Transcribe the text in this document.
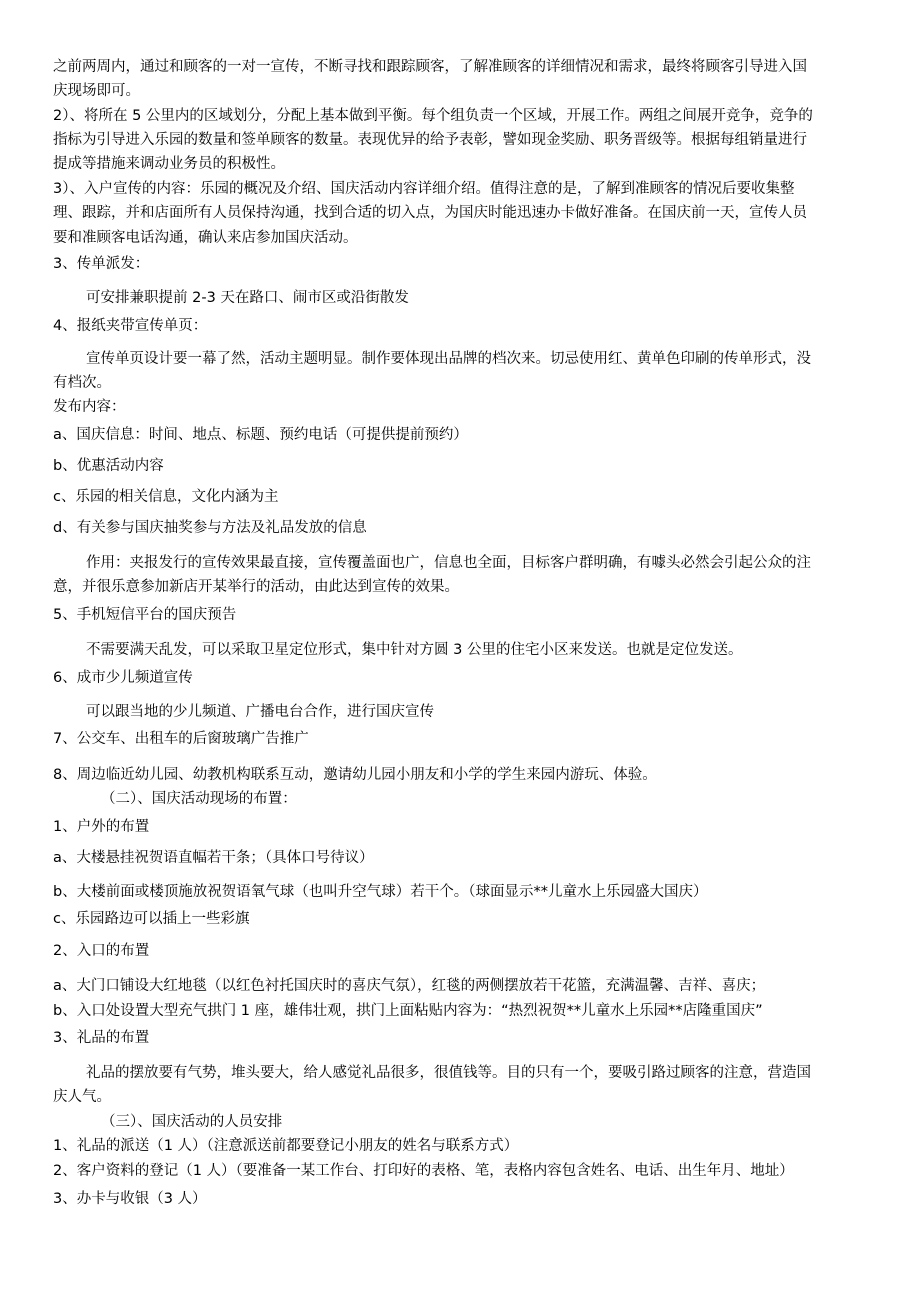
之前两周内，通过和顾客的一对一宣传，不断寻找和跟踪顾客，了解准顾客的详细情况和需求，最终将顾客引导进入国
庆现场即可。
2）、将所在 5 公里内的区域划分，分配上基本做到平衡。每个组负责一个区域，开展工作。两组之间展开竞争，竞争的
指标为引导进入乐园的数量和签单顾客的数量。表现优异的给予表彰，譬如现金奖励、职务晋级等。根据每组销量进行
提成等措施来调动业务员的积极性。
3）、入户宣传的内容：乐园的概况及介绍、国庆活动内容详细介绍。值得注意的是，了解到准顾客的情况后要收集整
理、跟踪，并和店面所有人员保持沟通，找到合适的切入点，为国庆时能迅速办卡做好准备。在国庆前一天，宣传人员
要和准顾客电话沟通，确认来店参加国庆活动。
3、传单派发：
可安排兼职提前 2-3 天在路口、闹市区或沿街散发
4、报纸夹带宣传单页：
宣传单页设计要一幕了然，活动主题明显。制作要体现出品牌的档次来。切忌使用红、黄单色印刷的传单形式，没
有档次。
发布内容：
a、国庆信息：时间、地点、标题、预约电话（可提供提前预约）
b、优惠活动内容
c、乐园的相关信息，文化内涵为主
d、有关参与国庆抽奖参与方法及礼品发放的信息
作用：夹报发行的宣传效果最直接，宣传覆盖面也广，信息也全面，目标客户群明确，有噱头必然会引起公众的注
意，并很乐意参加新店开某举行的活动，由此达到宣传的效果。
5、手机短信平台的国庆预告
不需要满天乱发，可以采取卫星定位形式，集中针对方圆 3 公里的住宅小区来发送。也就是定位发送。
6、成市少儿频道宣传
可以跟当地的少儿频道、广播电台合作，进行国庆宣传
7、公交车、出租车的后窗玻璃广告推广
8、周边临近幼儿园、幼教机构联系互动，邀请幼儿园小朋友和小学的学生来园内游玩、体验。
（二）、国庆活动现场的布置：
1、户外的布置
a、大楼悬挂祝贺语直幅若干条；（具体口号待议）
b、大楼前面或楼顶施放祝贺语氧气球（也叫升空气球）若干个。（球面显示**儿童水上乐园盛大国庆）
c、乐园路边可以插上一些彩旗
2、入口的布置
a、大门口铺设大红地毯（以红色衬托国庆时的喜庆气氛），红毯的两侧摆放若干花篮，充满温馨、吉祥、喜庆；
b、入口处设置大型充气拱门 1 座，雄伟壮观，拱门上面粘贴内容为：“热烈祝贺**儿童水上乐园**店隆重国庆”
3、礼品的布置
礼品的摆放要有气势，堆头要大，给人感觉礼品很多，很值钱等。目的只有一个，要吸引路过顾客的注意，营造国
庆人气。
（三）、国庆活动的人员安排
1、礼品的派送（1 人）（注意派送前都要登记小朋友的姓名与联系方式）
2、客户资料的登记（1 人）（要准备一某工作台、打印好的表格、笔，表格内容包含姓名、电话、出生年月、地址）
3、办卡与收银（3 人）
